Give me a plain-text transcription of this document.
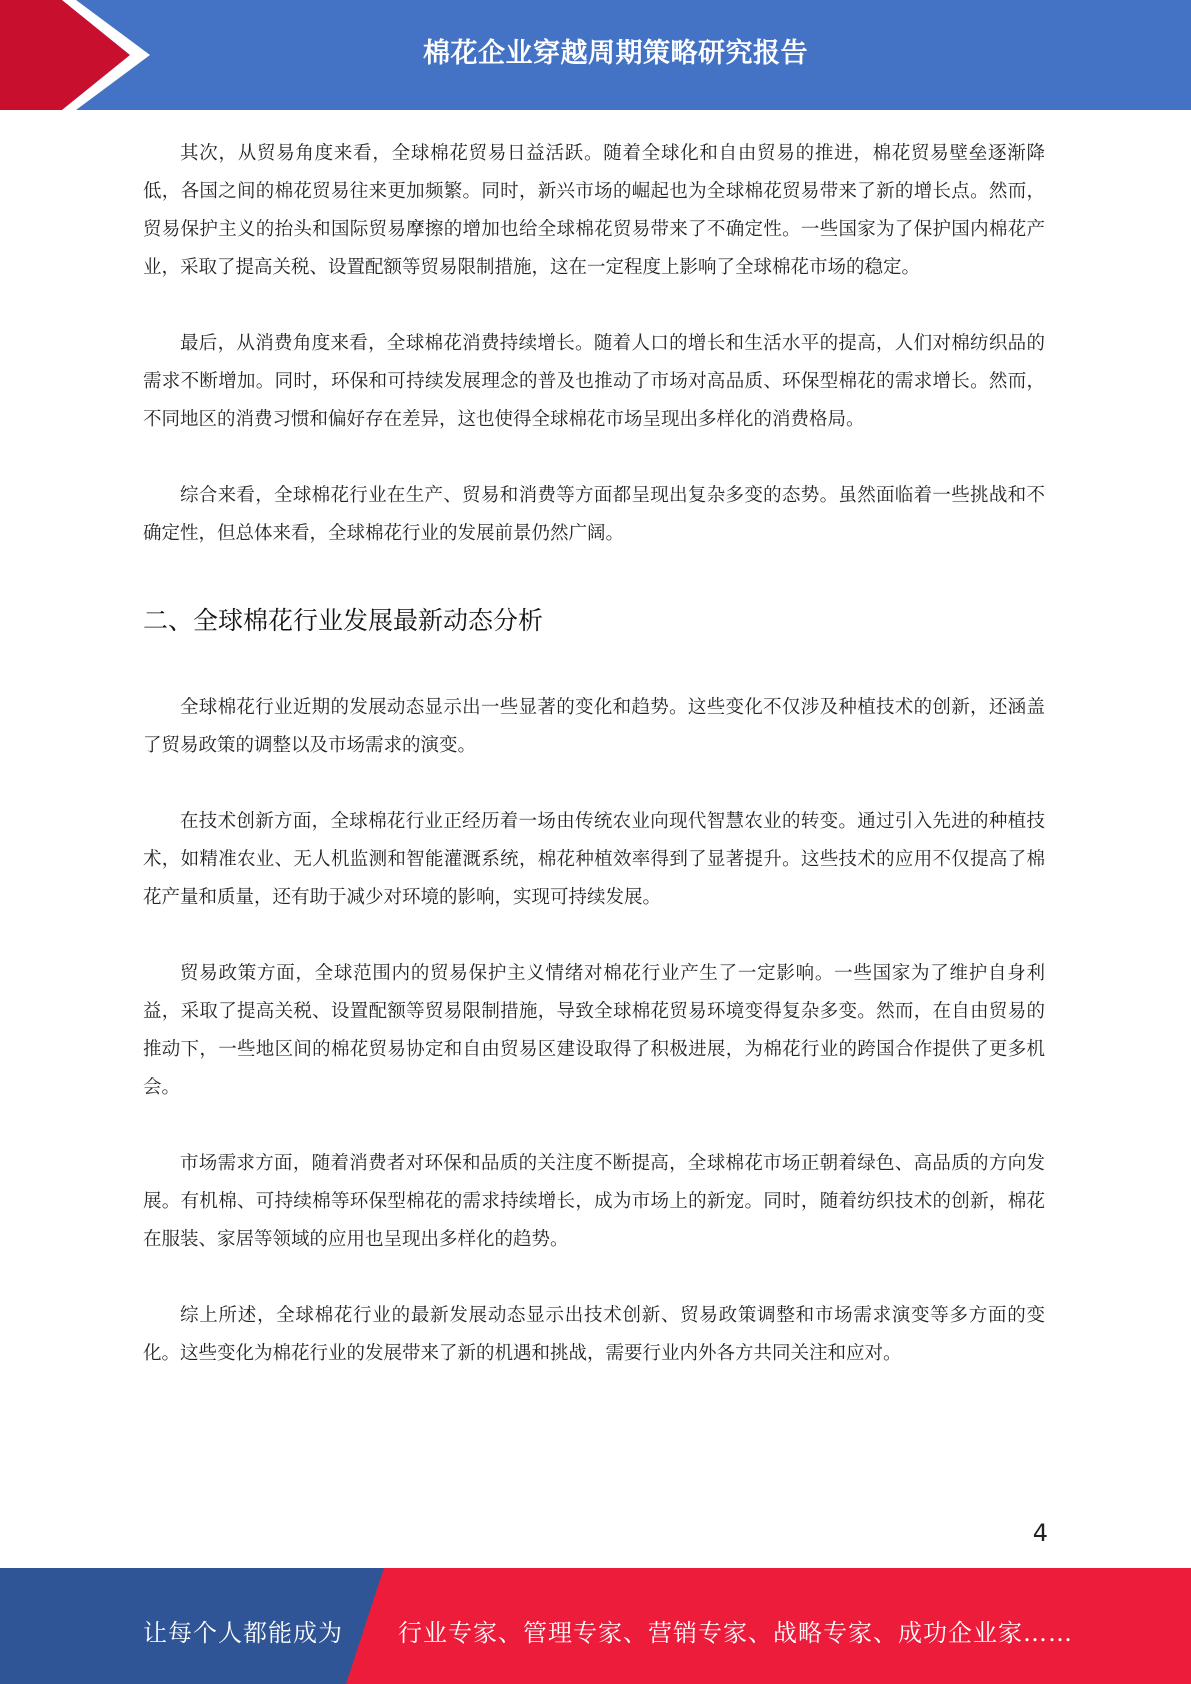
棉花企业穿越周期策略研究报告

其次，从贸易角度来看，全球棉花贸易日益活跃。随着全球化和自由贸易的推进，棉花贸易壁垒逐渐降低，各国之间的棉花贸易往来更加频繁。同时，新兴市场的崛起也为全球棉花贸易带来了新的增长点。然而，贸易保护主义的抬头和国际贸易摩擦的增加也给全球棉花贸易带来了不确定性。一些国家为了保护国内棉花产业，采取了提高关税、设置配额等贸易限制措施，这在一定程度上影响了全球棉花市场的稳定。

最后，从消费角度来看，全球棉花消费持续增长。随着人口的增长和生活水平的提高，人们对棉纺织品的需求不断增加。同时，环保和可持续发展理念的普及也推动了市场对高品质、环保型棉花的需求增长。然而，不同地区的消费习惯和偏好存在差异，这也使得全球棉花市场呈现出多样化的消费格局。

综合来看，全球棉花行业在生产、贸易和消费等方面都呈现出复杂多变的态势。虽然面临着一些挑战和不确定性，但总体来看，全球棉花行业的发展前景仍然广阔。

二、全球棉花行业发展最新动态分析

全球棉花行业近期的发展动态显示出一些显著的变化和趋势。这些变化不仅涉及种植技术的创新，还涵盖了贸易政策的调整以及市场需求的演变。

在技术创新方面，全球棉花行业正经历着一场由传统农业向现代智慧农业的转变。通过引入先进的种植技术，如精准农业、无人机监测和智能灌溉系统，棉花种植效率得到了显著提升。这些技术的应用不仅提高了棉花产量和质量，还有助于减少对环境的影响，实现可持续发展。

贸易政策方面，全球范围内的贸易保护主义情绪对棉花行业产生了一定影响。一些国家为了维护自身利益，采取了提高关税、设置配额等贸易限制措施，导致全球棉花贸易环境变得复杂多变。然而，在自由贸易的推动下，一些地区间的棉花贸易协定和自由贸易区建设取得了积极进展，为棉花行业的跨国合作提供了更多机会。

市场需求方面，随着消费者对环保和品质的关注度不断提高，全球棉花市场正朝着绿色、高品质的方向发展。有机棉、可持续棉等环保型棉花的需求持续增长，成为市场上的新宠。同时，随着纺织技术的创新，棉花在服装、家居等领域的应用也呈现出多样化的趋势。

综上所述，全球棉花行业的最新发展动态显示出技术创新、贸易政策调整和市场需求演变等多方面的变化。这些变化为棉花行业的发展带来了新的机遇和挑战，需要行业内外各方共同关注和应对。

4
让每个人都能成为 行业专家、管理专家、营销专家、战略专家、成功企业家……
